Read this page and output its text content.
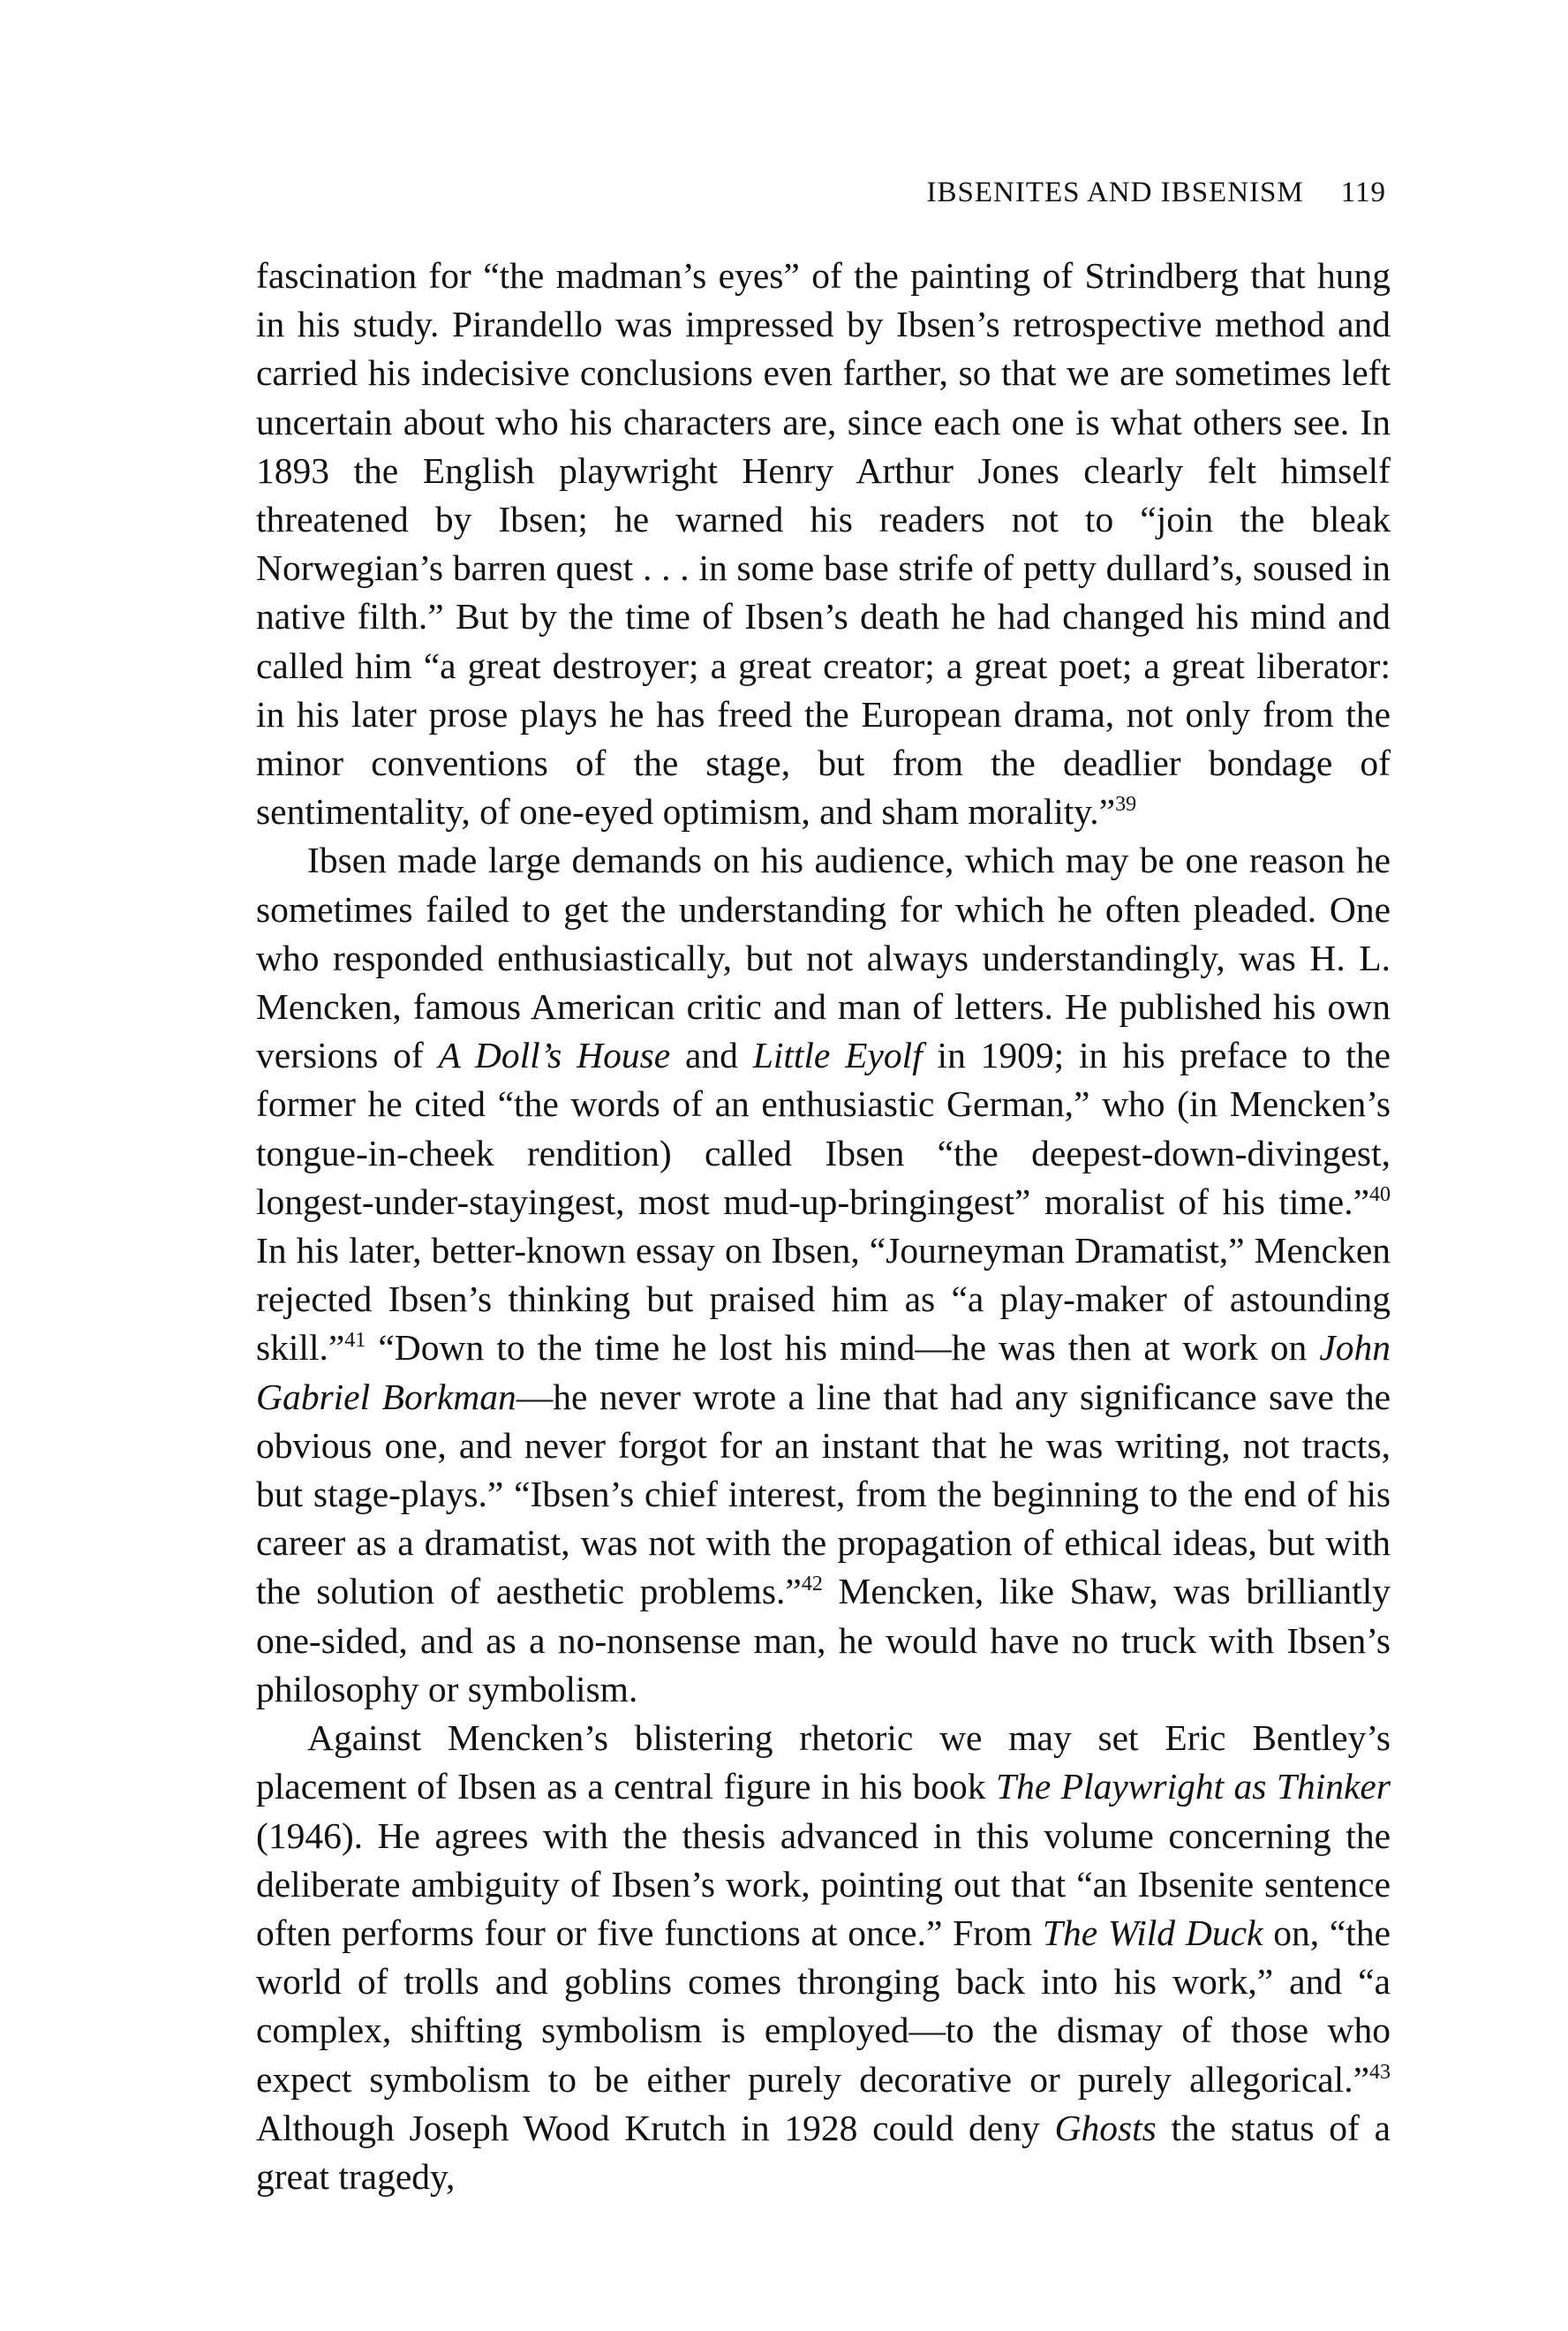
IBSENITES AND IBSENISM 119

fascination for “the madman’s eyes” of the painting of Strindberg that hung in his study. Pirandello was impressed by Ibsen’s retrospective method and carried his indecisive conclusions even farther, so that we are sometimes left uncertain about who his characters are, since each one is what others see. In 1893 the English playwright Henry Arthur Jones clearly felt himself threatened by Ibsen; he warned his readers not to “join the bleak Norwegian’s barren quest . . . in some base strife of petty dullard’s, soused in native filth.” But by the time of Ibsen’s death he had changed his mind and called him “a great destroyer; a great creator; a great poet; a great liberator: in his later prose plays he has freed the European drama, not only from the minor conventions of the stage, but from the deadlier bondage of sentimentality, of one-eyed optimism, and sham morality.”$^{39}$

Ibsen made large demands on his audience, which may be one reason he sometimes failed to get the understanding for which he often pleaded. One who responded enthusiastically, but not always understandingly, was H. L. Mencken, famous American critic and man of letters. He published his own versions of A Doll’s House and Little Eyolf in 1909; in his preface to the former he cited “the words of an enthusiastic German,” who (in Mencken’s tongue-in-cheek rendition) called Ibsen “the deepest-down-divingest, longest-under-stayingest, most mud-up-bringingest” moralist of his time.”$^{40}$ In his later, better-known essay on Ibsen, “Journeyman Dramatist,” Mencken rejected Ibsen’s thinking but praised him as “a play-maker of astounding skill.”$^{41}$ “Down to the time he lost his mind—he was then at work on John Gabriel Borkman—he never wrote a line that had any significance save the obvious one, and never forgot for an instant that he was writing, not tracts, but stage-plays.” “Ibsen’s chief interest, from the beginning to the end of his career as a dramatist, was not with the propagation of ethical ideas, but with the solution of aesthetic problems.”$^{42}$ Mencken, like Shaw, was brilliantly one-sided, and as a no-nonsense man, he would have no truck with Ibsen’s philosophy or symbolism.

Against Mencken’s blistering rhetoric we may set Eric Bentley’s placement of Ibsen as a central figure in his book The Playwright as Thinker (1946). He agrees with the thesis advanced in this volume concerning the deliberate ambiguity of Ibsen’s work, pointing out that “an Ibsenite sentence often performs four or five functions at once.” From The Wild Duck on, “the world of trolls and goblins comes thronging back into his work,” and “a complex, shifting symbolism is employed—to the dismay of those who expect symbolism to be either purely decorative or purely allegorical.”$^{43}$ Although Joseph Wood Krutch in 1928 could deny Ghosts the status of a great tragedy,
